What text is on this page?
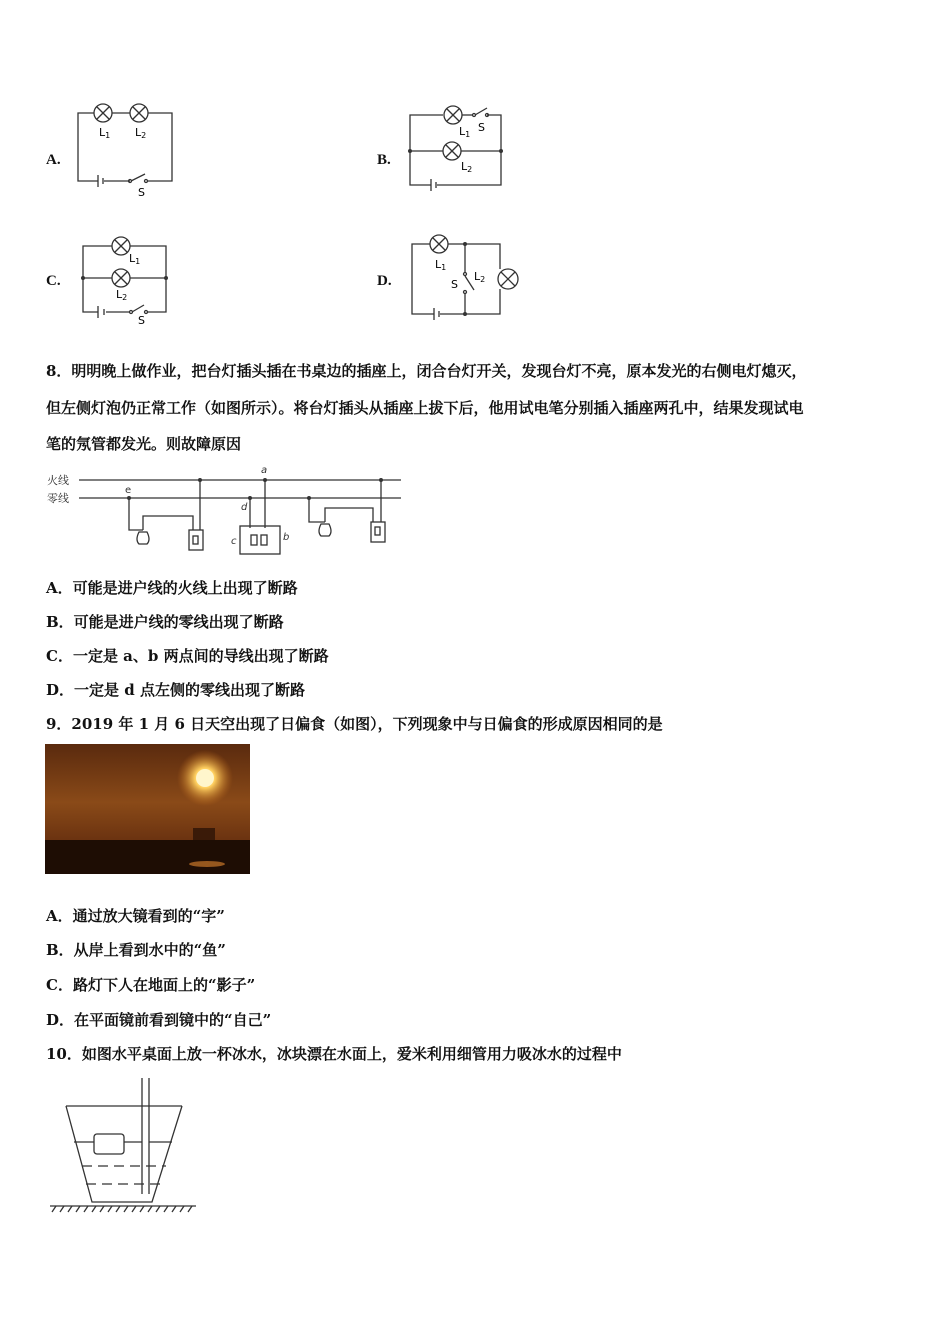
A.
L1 L2
S
B.
L1
S
L2
C.
L1
L2
S
D.
L1
S
L2
8．明明晚上做作业，把台灯插头插在书桌边的插座上，闭合台灯开关，发现台灯不亮，原本发光的右侧电灯熄灭，
但左侧灯泡仍正常工作（如图所示）。将台灯插头从插座上拔下后，他用试电笔分别插入插座两孔中，结果发现试电
笔的氖管都发光。则故障原因
火线
零线
e
a
d
c	b
A．可能是进户线的火线上出现了断路
B．可能是进户线的零线出现了断路
C．一定是 a、b 两点间的导线出现了断路
D．一定是 d 点左侧的零线出现了断路
9．2019 年 1 月 6 日天空出现了日偏食（如图），下列现象中与日偏食的形成原因相同的是
A．通过放大镜看到的“字”
B．从岸上看到水中的“鱼”
C．路灯下人在地面上的“影子”
D．在平面镜前看到镜中的“自己”
10．如图水平桌面上放一杯冰水，冰块漂在水面上，爱米利用细管用力吸冰水的过程中
